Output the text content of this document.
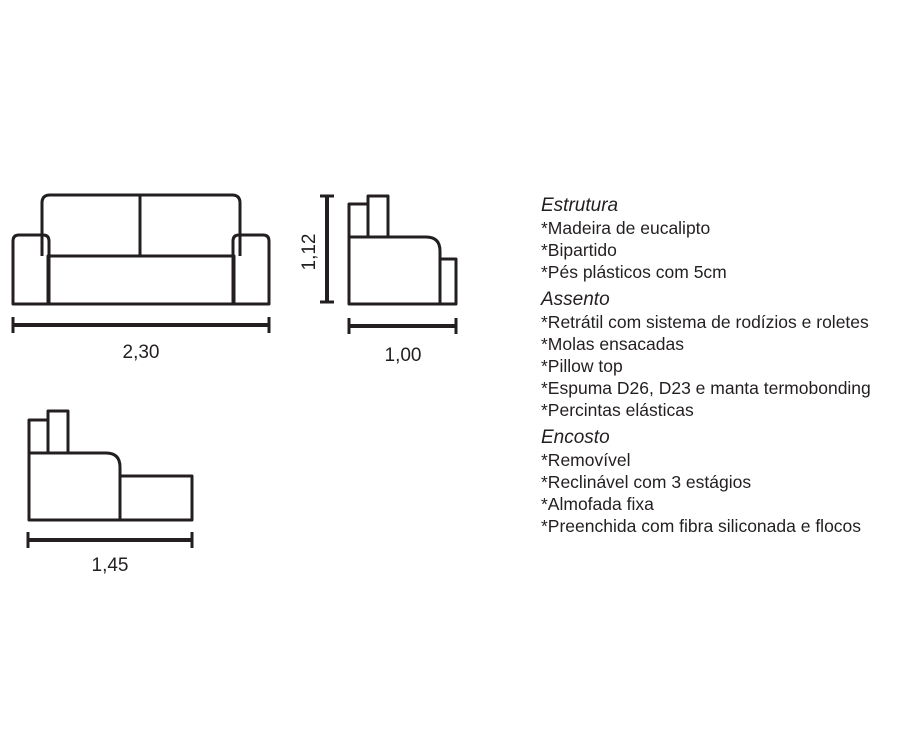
2,30	1,00
1,12
1,45

Estrutura

*Madeira de eucalipto

*Bipartido

*Pés plásticos com 5cm

Assento

*Retrátil com sistema de rodízios e roletes

*Molas ensacadas

*Pillow top

*Espuma D26, D23 e manta termobonding

*Percintas elásticas

Encosto

*Removível

*Reclinável com 3 estágios

*Almofada fixa

*Preenchida com fibra siliconada e flocos
